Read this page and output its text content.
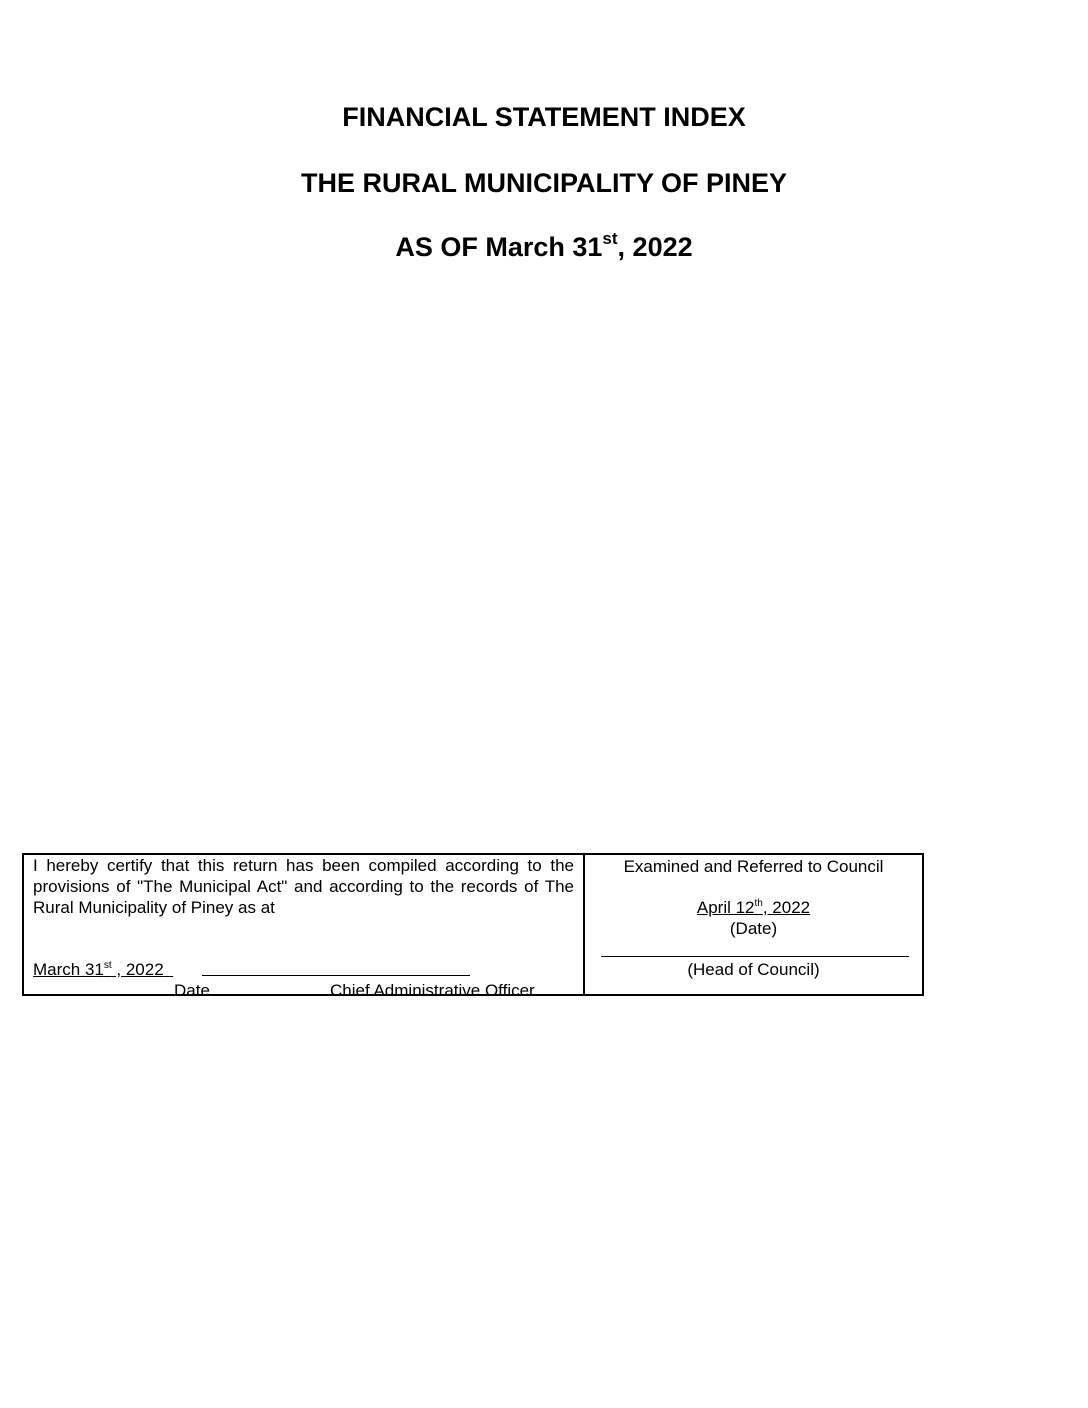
FINANCIAL STATEMENT INDEX
THE RURAL MUNICIPALITY OF PINEY
AS OF March 31st, 2022
I hereby certify that this return has been compiled according to the provisions of "The Municipal Act" and according to the records of The Rural Municipality of Piney as at
March 31st , 2022
Date	Chief Administrative Officer
Examined and Referred to Council
April 12th, 2022
(Date)
(Head of Council)
